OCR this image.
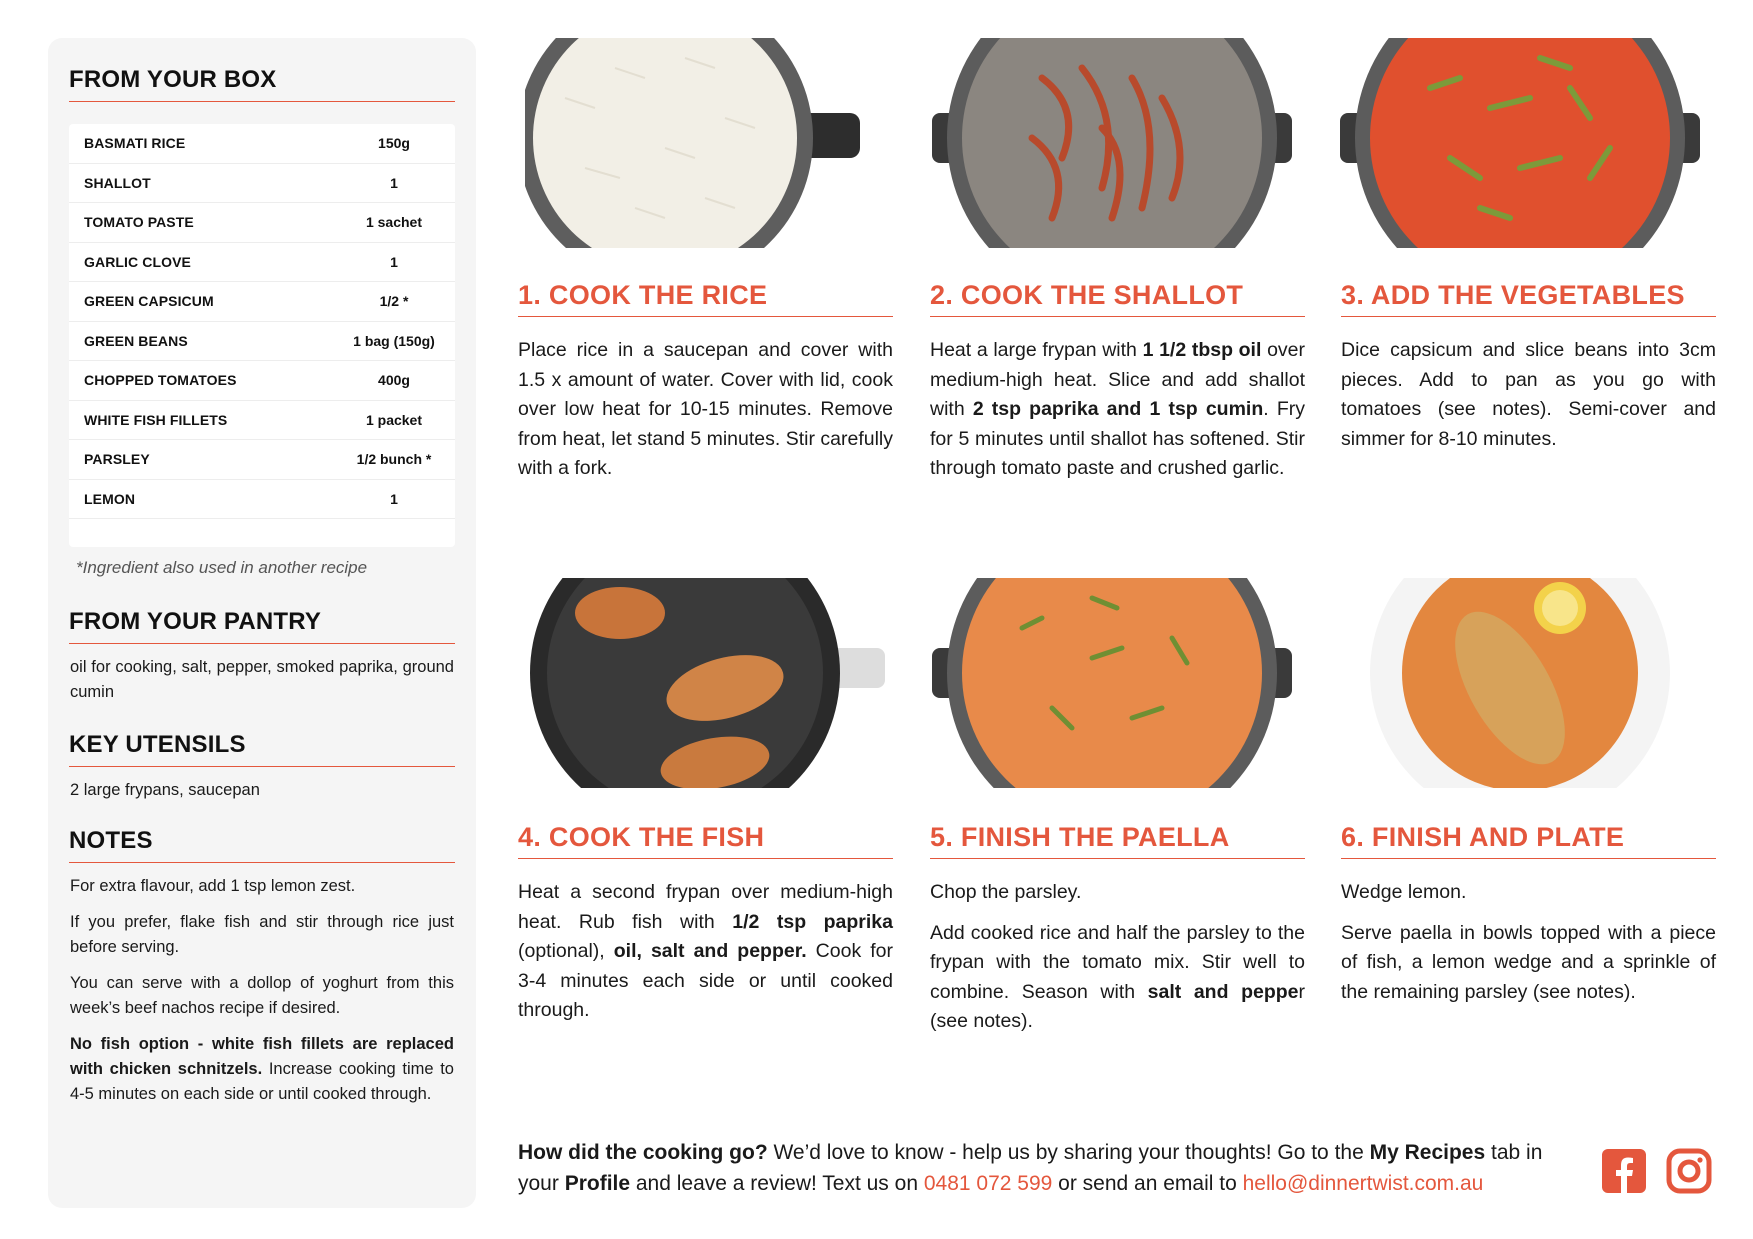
FROM YOUR BOX
BASMATI RICE	150g
SHALLOT	1
TOMATO PASTE	1 sachet
GARLIC CLOVE	1
GREEN CAPSICUM	1/2 *
GREEN BEANS	1 bag (150g)
CHOPPED TOMATOES	400g
WHITE FISH FILLETS	1 packet
PARSLEY	1/2 bunch *
LEMON	1
*Ingredient also used in another recipe
FROM YOUR PANTRY
oil for cooking, salt, pepper, smoked paprika, ground cumin
KEY UTENSILS
2 large frypans, saucepan
NOTES

For extra flavour, add 1 tsp lemon zest.

If you prefer, flake fish and stir through rice just before serving.

You can serve with a dollop of yoghurt from this week’s beef nachos recipe if desired.

No fish option - white fish fillets are replaced with chicken schnitzels. Increase cooking time to 4-5 minutes on each side or until cooked through.

1. COOK THE RICE

Place rice in a saucepan and cover with 1.5 x amount of water. Cover with lid, cook over low heat for 10-15 minutes. Remove from heat, let stand 5 minutes. Stir carefully with a fork.

2. COOK THE SHALLOT

Heat a large frypan with 1 1/2 tbsp oil over medium-high heat. Slice and add shallot with 2 tsp paprika and 1 tsp cumin. Fry for 5 minutes until shallot has softened. Stir through tomato paste and crushed garlic.

3. ADD THE VEGETABLES

Dice capsicum and slice beans into 3cm pieces. Add to pan as you go with tomatoes (see notes). Semi-cover and simmer for 8-10 minutes.

4. COOK THE FISH

Heat a second frypan over medium-high heat. Rub fish with 1/2 tsp paprika (optional), oil, salt and pepper. Cook for 3-4 minutes each side or until cooked through.

5. FINISH THE PAELLA

Chop the parsley.

Add cooked rice and half the parsley to the frypan with the tomato mix. Stir well to combine. Season with salt and pepper (see notes).

6. FINISH AND PLATE

Wedge lemon.

Serve paella in bowls topped with a piece of fish, a lemon wedge and a sprinkle of the remaining parsley (see notes).

How did the cooking go? We’d love to know - help us by sharing your thoughts! Go to the My Recipes tab in your Profile and leave a review! Text us on 0481 072 599 or send an email to hello@dinnertwist.com.au
